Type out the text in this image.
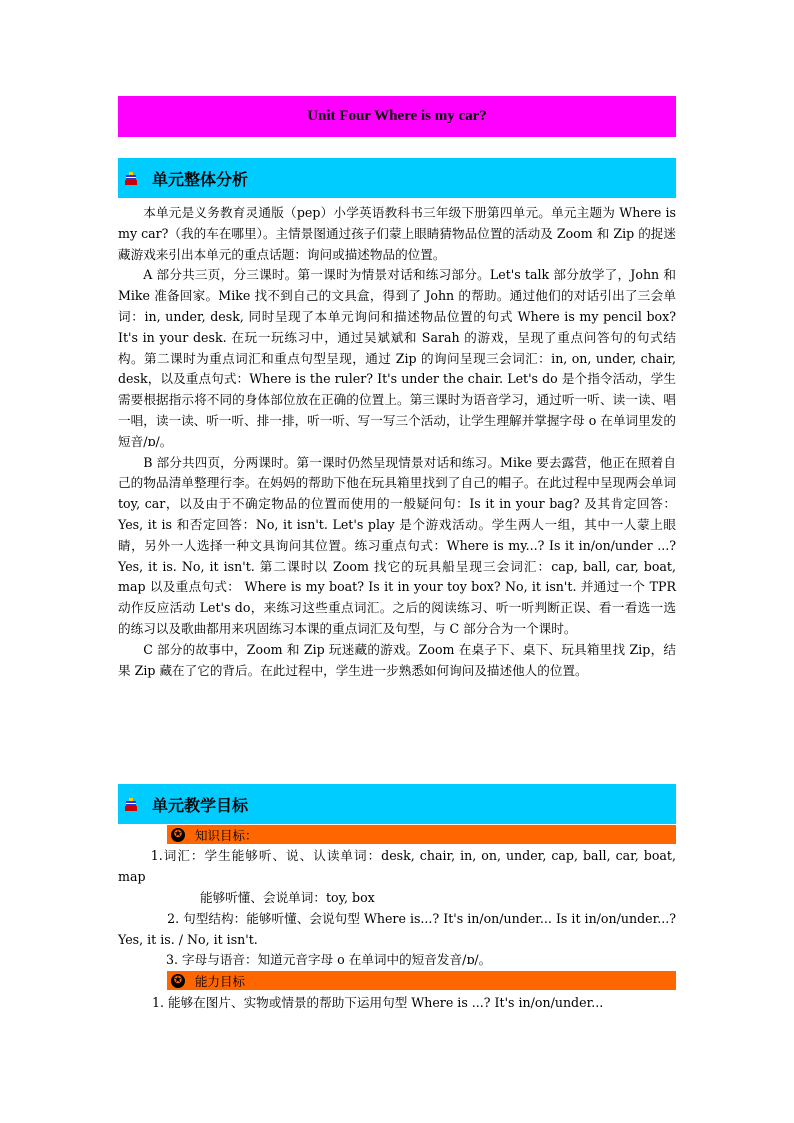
Unit Four Where is my car?
单元整体分析

本单元是义务教育灵通版（pep）小学英语教科书三年级下册第四单元。单元主题为 Where is my car?（我的车在哪里）。主情景图通过孩子们蒙上眼睛猜物品位置的活动及 Zoom 和 Zip 的捉迷藏游戏来引出本单元的重点话题：询问或描述物品的位置。

A 部分共三页，分三课时。第一课时为情景对话和练习部分。Let's talk 部分放学了，John 和 Mike 准备回家。Mike 找不到自己的文具盒，得到了 John 的帮助。通过他们的对话引出了三会单词：in, under, desk, 同时呈现了本单元询问和描述物品位置的句式 Where is my pencil box? It's in your desk. 在玩一玩练习中，通过吴斌斌和 Sarah 的游戏，呈现了重点问答句的句式结构。第二课时为重点词汇和重点句型呈现，通过 Zip 的询问呈现三会词汇：in, on, under, chair, desk，以及重点句式：Where is the ruler? It's under the chair. Let's do 是个指令活动，学生需要根据指示将不同的身体部位放在正确的位置上。第三课时为语音学习，通过听一听、读一读、唱一唱，读一读、听一听、排一排，听一听、写一写三个活动，让学生理解并掌握字母 o 在单词里发的短音/ɒ/。

B 部分共四页，分两课时。第一课时仍然呈现情景对话和练习。Mike 要去露营，他正在照着自己的物品清单整理行李。在妈妈的帮助下他在玩具箱里找到了自己的帽子。在此过程中呈现两会单词 toy, car，以及由于不确定物品的位置而使用的一般疑问句：Is it in your bag? 及其肯定回答：Yes, it is 和否定回答：No, it isn't. Let's play 是个游戏活动。学生两人一组，其中一人蒙上眼睛，另外一人选择一种文具询问其位置。练习重点句式：Where is my...? Is it in/on/under ...? Yes, it is. No, it isn't. 第二课时以 Zoom 找它的玩具船呈现三会词汇：cap, ball, car, boat, map 以及重点句式： Where is my boat? Is it in your toy box? No, it isn't. 并通过一个 TPR 动作反应活动 Let's do，来练习这些重点词汇。之后的阅读练习、听一听判断正误、看一看选一选的练习以及歌曲都用来巩固练习本课的重点词汇及句型，与 C 部分合为一个课时。

C 部分的故事中，Zoom 和 Zip 玩迷藏的游戏。Zoom 在桌子下、桌下、玩具箱里找 Zip，结果 Zip 藏在了它的背后。在此过程中，学生进一步熟悉如何询问及描述他人的位置。

单元教学目标
✪ 知识目标：

1.词汇：学生能够听、说、认读单词：desk, chair, in, on, under, cap, ball, car, boat, map

能够听懂、会说单词：toy, box

2. 句型结构：能够听懂、会说句型 Where is...? It's in/on/under... Is it in/on/under...? Yes, it is. / No, it isn't.

3. 字母与语音：知道元音字母 o 在单词中的短音发音/ɒ/。
✪ 能力目标
1. 能够在图片、实物或情景的帮助下运用句型 Where is ...? It's in/on/under...
